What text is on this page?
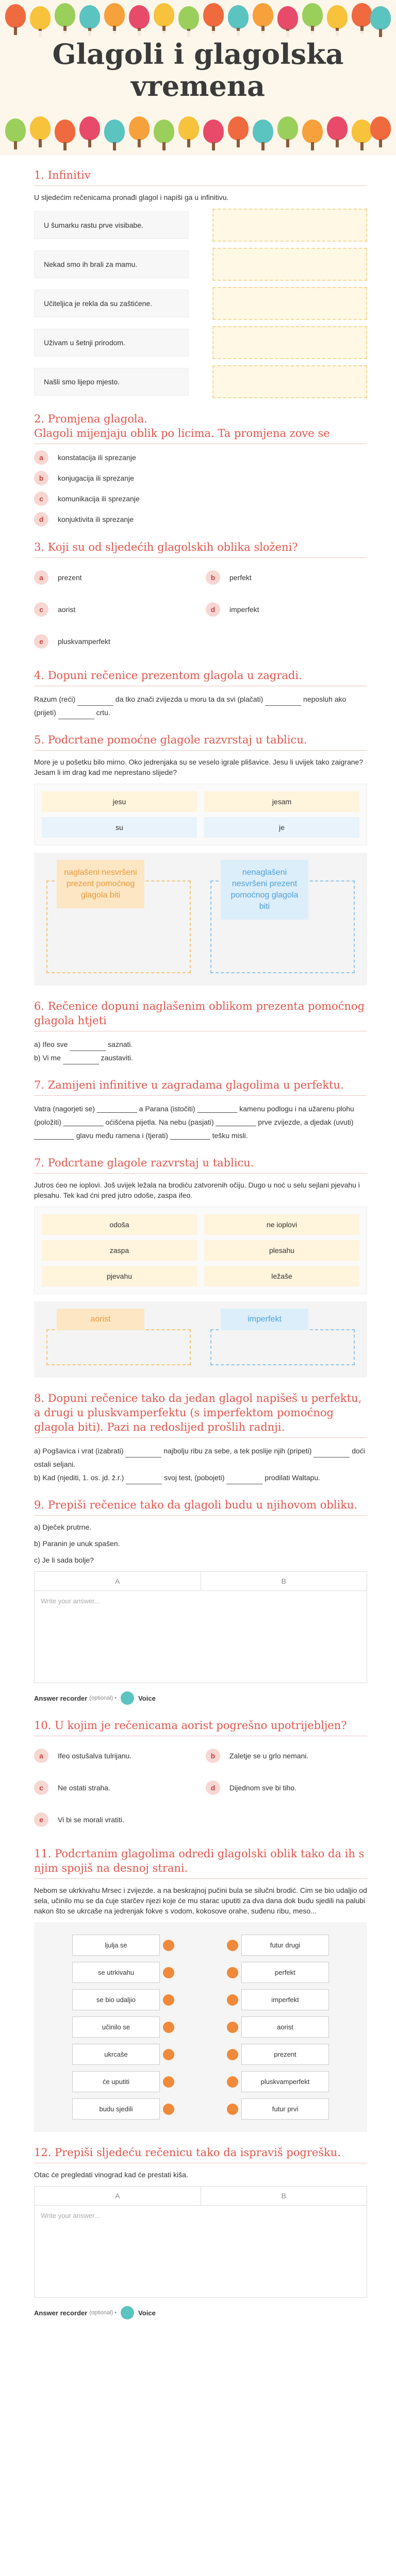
Glagoli i glagolska vremena
1. Infinitiv

U sljedećim rečenicama pronađi glagol i napiši ga u infinitivu.

U šumarku rastu prve visibabe.
Nekad smo ih brali za mamu.
Učiteljica je rekla da su zaštićene.
Uživam u šetnji prirodom.
Našli smo lijepo mjesto.
2. Promjena glagola.
Glagoli mijenjaju oblik po licima. Ta promjena zove se
a	konstatacija ili sprezanje
b	konjugacija ili sprezanje
c	komunikacija ili sprezanje
d	konjuktivita ili sprezanje
3. Koji su od sljedećih glagolskih oblika složeni?
a	prezent	b	perfekt
c	aorist	d	imperfekt
e	pluskvamperfekt
4. Dopuni rečenice prezentom glagola u zagradi.

Razum (reći)	da tko znači zvijezda u moru ta da svi (plačati)	neposluh ako (prijeti)	crtu.

5. Podcrtane pomoćne glagole razvrstaj u tablicu.

More je u pošetku bilo mirno. Oko jedrenjaka su se veselo igrale plišavice. Jesu li uvijek tako zaigrane? Jesam li im drag kad me neprestano slijede?

jesu	jesam
su	je
naglašeni nesvršeni prezent pomoćnog glagola biti
nenaglašeni nesvršeni prezent pomoćnog glagola biti
6. Rečenice dopuni naglašenim oblikom prezenta pomoćnog glagola htjeti

a) Ifeo sve	saznati.

b) Vi me	zaustaviti.

7. Zamijeni infinitive u zagradama glagolima u perfektu.

Vatra (nagorjeti se) __________ a Parana (istočiti) __________ kamenu podlogu i na užarenu plohu (položiti) __________ oćišćena pijetla. Na nebu (pasjati) __________ prve zvijezde, a djedak (uvuti) __________ glavu među ramena i (tjerati) __________ tešku misli.

7. Podcrtane glagole razvrstaj u tablicu.

Jutros ćeo ne ioplovi. Još uvijek ležala na brodiću zatvorenih očiju. Dugo u noć u selu sejlani pjevahu i plesahu. Tek kad ćni pred jutro odoše, zaspa ifeo.

odoša	ne ioplovi
zaspa	plesahu
pjevahu	ležaše
aorist	imperfekt
8. Dopuni rečenice tako da jedan glagol napišeš u perfektu, a drugi u pluskvamperfektu (s imperfektom pomoćnog glagola biti). Pazi na redoslijed prošlih radnji.

a) Pogšavica i vrat (izabrati)	najbolju ribu za sebe, a tek poslije njih (pripeti)	doći ostali seljani.

b) Kad (njediti, 1. os. jd. ž.r.)	svoj test, (pobojeti)	prodilati Waltapu.

9. Prepiši rečenice tako da glagoli budu u njihovom obliku.

a) Dječek prutrne.

b) Paranin je unuk spašen.

c) Je li sada bolje?

A	B
Write your answer...
Answer recorder (optional) •	Voice
10. U kojim je rečenicama aorist pogrešno upotrijebljen?
a	Ifeo ostušalva tulrijanu.	b	Zaletje se u grlo nemani.
c	Ne ostati straha.	d	Dijednom sve bi tiho.
e	Vi bi se morali vratiti.
11. Podcrtanim glagolima odredi glagolski oblik tako da ih s njim spojiš na desnoj strani.

Nebom se ukrkivahu Mrsec i zvijezde. a na beskrajnoj pučini bula se silučni brodić. Cim se bio udaljio od sela, učinilo mu se da ćuje starčev njezi koje će mu starac uputiti za dva dana dok budu sjedili na palubi nakon što se ukrcaše na jedrenjak fokve s vodom, kokosove orahe, suđenu ribu, meso...

ljulja se	futur drugi
se utrkivahu	perfekt
se bio udaljio	imperfekt
učinilo se	aorist
ukrcaše	prezent
će uputiti	pluskvamperfekt
budu sjedili	futur prvi
12. Prepiši sljedeću rečenicu tako da ispraviš pogrešku.

Otac će pregledati vinograd kad će prestati kiša.

A	B
Write your answer...
Answer recorder (optional) •	Voice
